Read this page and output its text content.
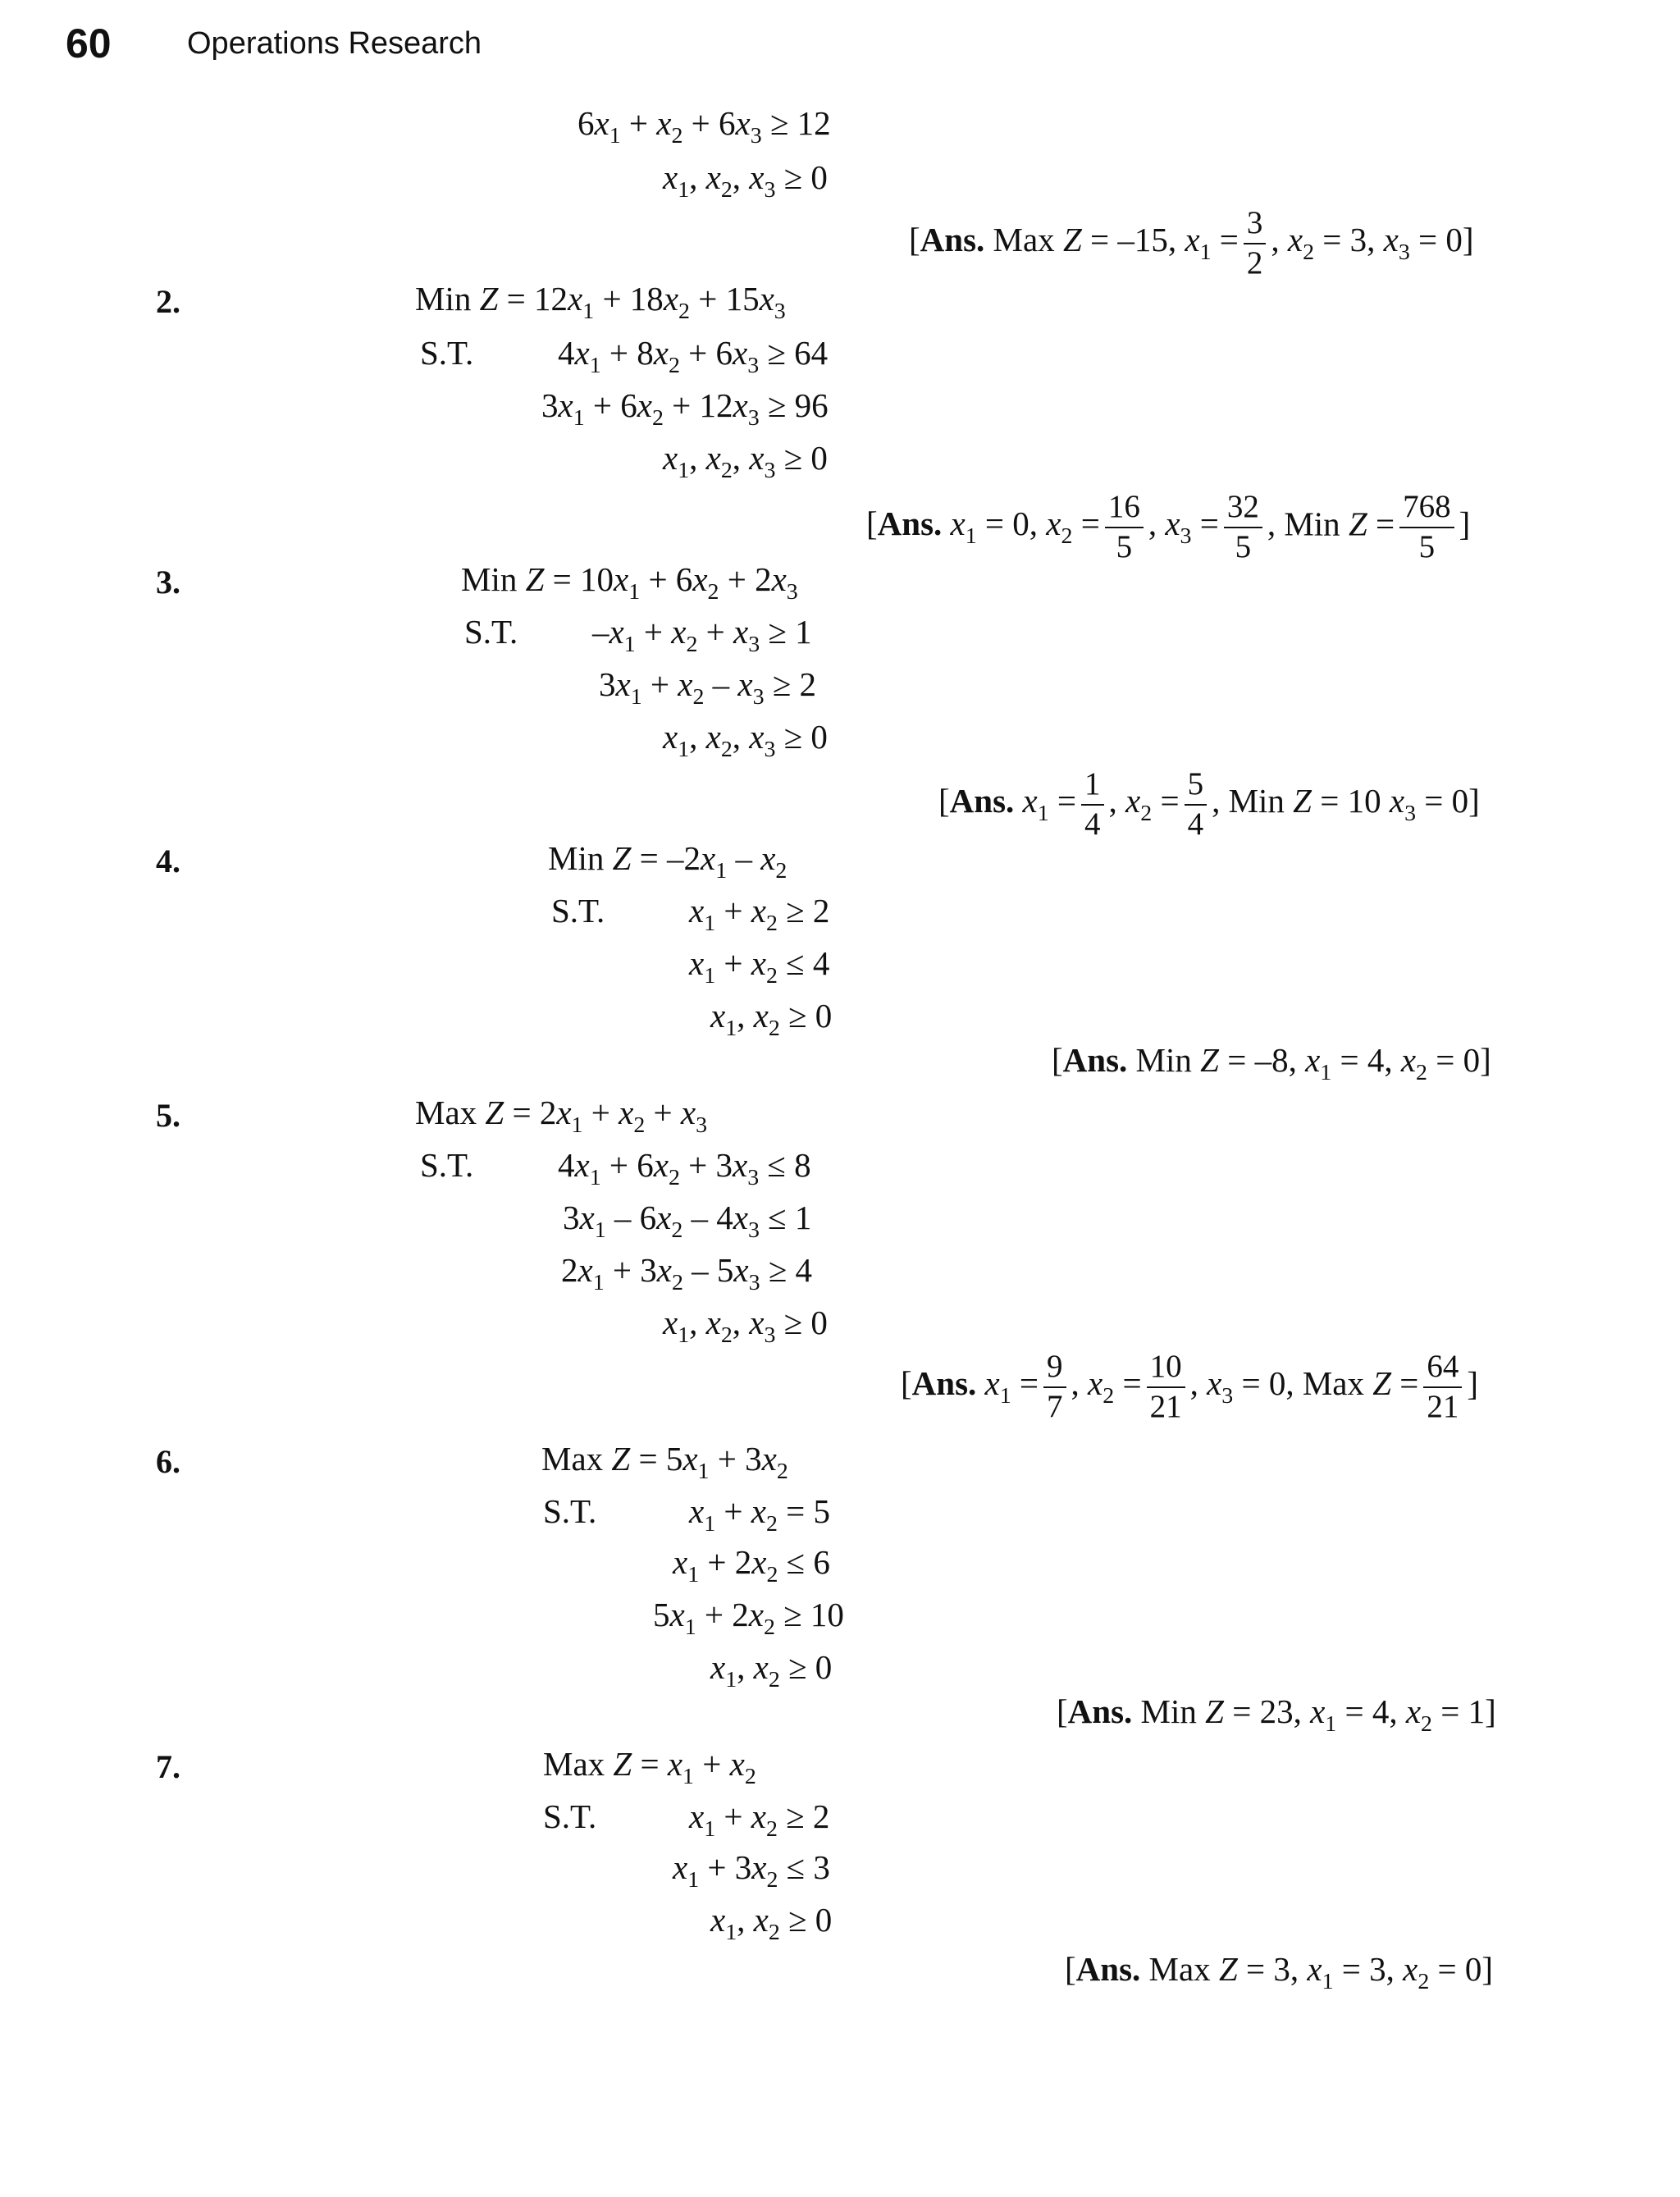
60 Operations Research
$6x_1 + x_2 + 6x_3 \ge 12$
$x_1$, $x_2$, $x_3 \ge 0$
[Ans. Max Z = –15, $x_1 = \frac{3}{2}$ , $x_2 = 3$, $x_3 = 0$]
2.	Min $Z = 12x_1 + 18x_2 + 15x_3$
S.T.	$4x_1 + 8x_2 + 6x_3 \ge 64$
$3x_1 + 6x_2 + 12x_3 \ge 96$
$x_1$, $x_2$, $x_3 \ge 0$
[Ans. $x_1 = 0$, $x_2 = \frac{16}{5}$ , $x_3 = \frac{32}{5}$ , Min $Z = \frac{768}{5}$ ]
3.	Min $Z = 10x_1 + 6x_2 + 2x_3$
S.T. $-x_1 + x_2 + x_3 \ge 1$
$3x_1 + x_2 - x_3 \ge 2$
$x_1$, $x_2$, $x_3 \ge 0$
[Ans. $x_1 = \frac{1}{4}$ , $x_2 = \frac{5}{4}$ , Min Z = 10 $x_3 = 0$]
4.	Min $Z = -2x_1 - x_2$
S.T.	$x_1 + x_2 \ge 2$
$x_1 + x_2 \le 4$
$x_1$, $x_2 \ge 0$
[Ans. Min Z = –8, $x_1 = 4$, $x_2 = 0$]
5.	Max $Z = 2x_1 + x_2 + x_3$
S.T.	$4x_1 + 6x_2 + 3x_3 \le 8$
$3x_1 - 6x_2 - 4x_3 \le 1$
$2x_1 + 3x_2 - 5x_3 \ge 4$
$x_1$, $x_2$, $x_3 \ge 0$
[Ans. $x_1 = \frac{9}{7}$ , $x_2 = \frac{10}{21}$ , $x_3 = 0$, Max $Z = \frac{64}{21}$ ]
6.	Max $Z = 5x_1 + 3x_2$
S.T.	$x_1 + x_2 = 5$
$x_1 + 2x_2 \le 6$
$5x_1 + 2x_2 \ge 10$
$x_1$, $x_2 \ge 0$
[Ans. Min Z = 23, $x_1 = 4$, $x_2 = 1$]
7.	Max $Z = x_1 + x_2$
S.T.	$x_1 + x_2 \ge 2$
$x_1 + 3x_2 \le 3$
$x_1$, $x_2 \ge 0$
[Ans. Max Z = 3, $x_1 = 3$, $x_2 = 0$]
